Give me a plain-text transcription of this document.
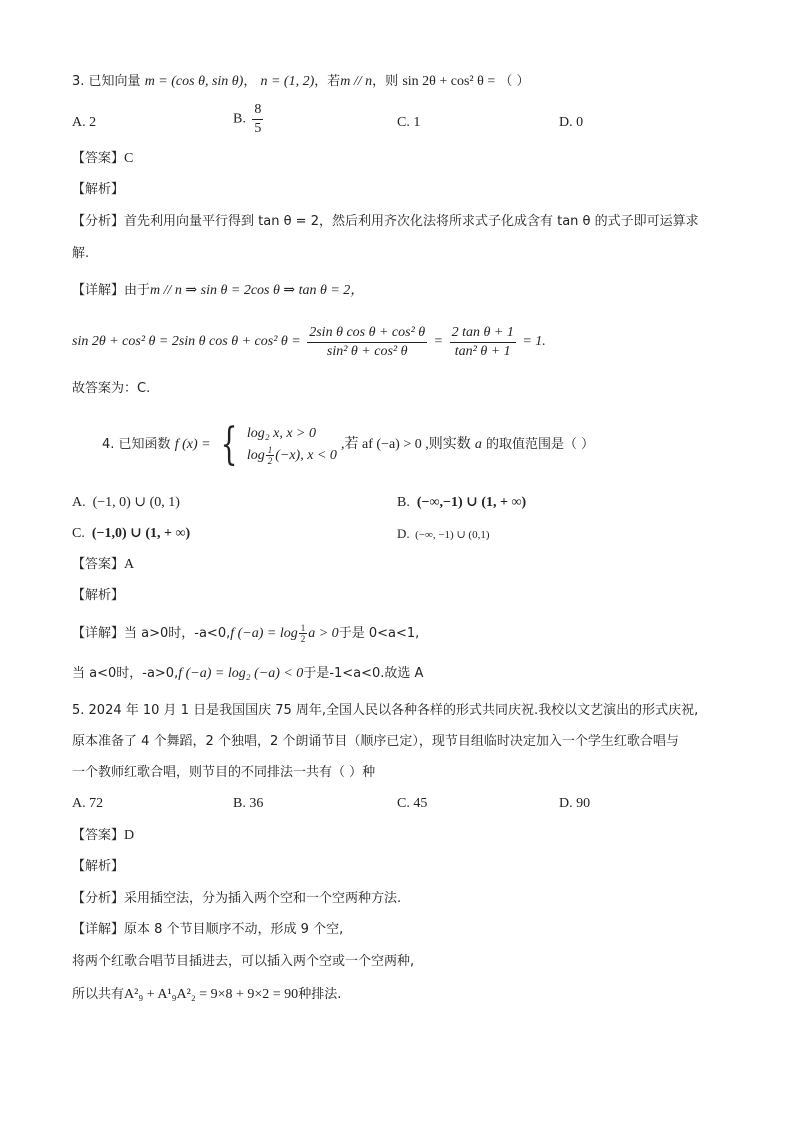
3. 已知向量 m = (cos θ, sin θ)， n = (1, 2)，若m // n，则 sin 2θ + cos² θ = （ ）
A. 2	B. $\frac{8}{5}$	C. 1	D. 0
【答案】C
【解析】
【分析】首先利用向量平行得到 tan θ = 2，然后利用齐次化法将所求式子化成含有 tan θ 的式子即可运算求
解.
【详解】由于m // n ⇒ sin θ = 2cos θ ⇒ tan θ = 2，
sin 2θ + cos² θ = 2sin θ cos θ + cos² $\theta = \frac{\text{2sin θ cos θ + cos² θ}}{\text{sin² θ + cos² θ}} = \frac{\text{2 tan θ + 1}}{\text{tan² θ + 1}} = 1$.
故答案为：C.
4. 已知函数 f (x) = { log₂ x, x > 0
$\log \frac{1}{2} (-x)$, x < 0
,若 af (−a) > 0 ,则实数 a 的取值范围是（ ）
A. (−1, 0) ∪ (0, 1)	B. (−∞,−1) ∪ (1, + ∞)
C. (−1,0) ∪ (1, + ∞)	D. (−∞, −1) ∪ (0,1)
【答案】A
【解析】
【详解】当 a>0时，-a<0,f $(-a) = \log \frac{1}{2}$ a > 0于是 0<a<1,
当 a<0时，-a>0,f (−a) = log₂ (−a) < 0于是-1<a<0.故选 A
5. 2024 年 10 月 1 日是我国国庆 75 周年,全国人民以各种各样的形式共同庆祝.我校以文艺演出的形式庆祝,
原本准备了 4 个舞蹈，2 个独唱，2 个朗诵节目（顺序已定），现节目组临时决定加入一个学生红歌合唱与
一个教师红歌合唱，则节目的不同排法一共有（ ）种
A. 72	B. 36	C. 45	D. 90
【答案】D
【解析】
【分析】采用插空法，分为插入两个空和一个空两种方法.
【详解】原本 8 个节目顺序不动，形成 9 个空,
将两个红歌合唱节目插进去，可以插入两个空或一个空两种,
所以共有A²₉ + A¹₉A²₂ = 9×8 + 9×2 = 90种排法.
